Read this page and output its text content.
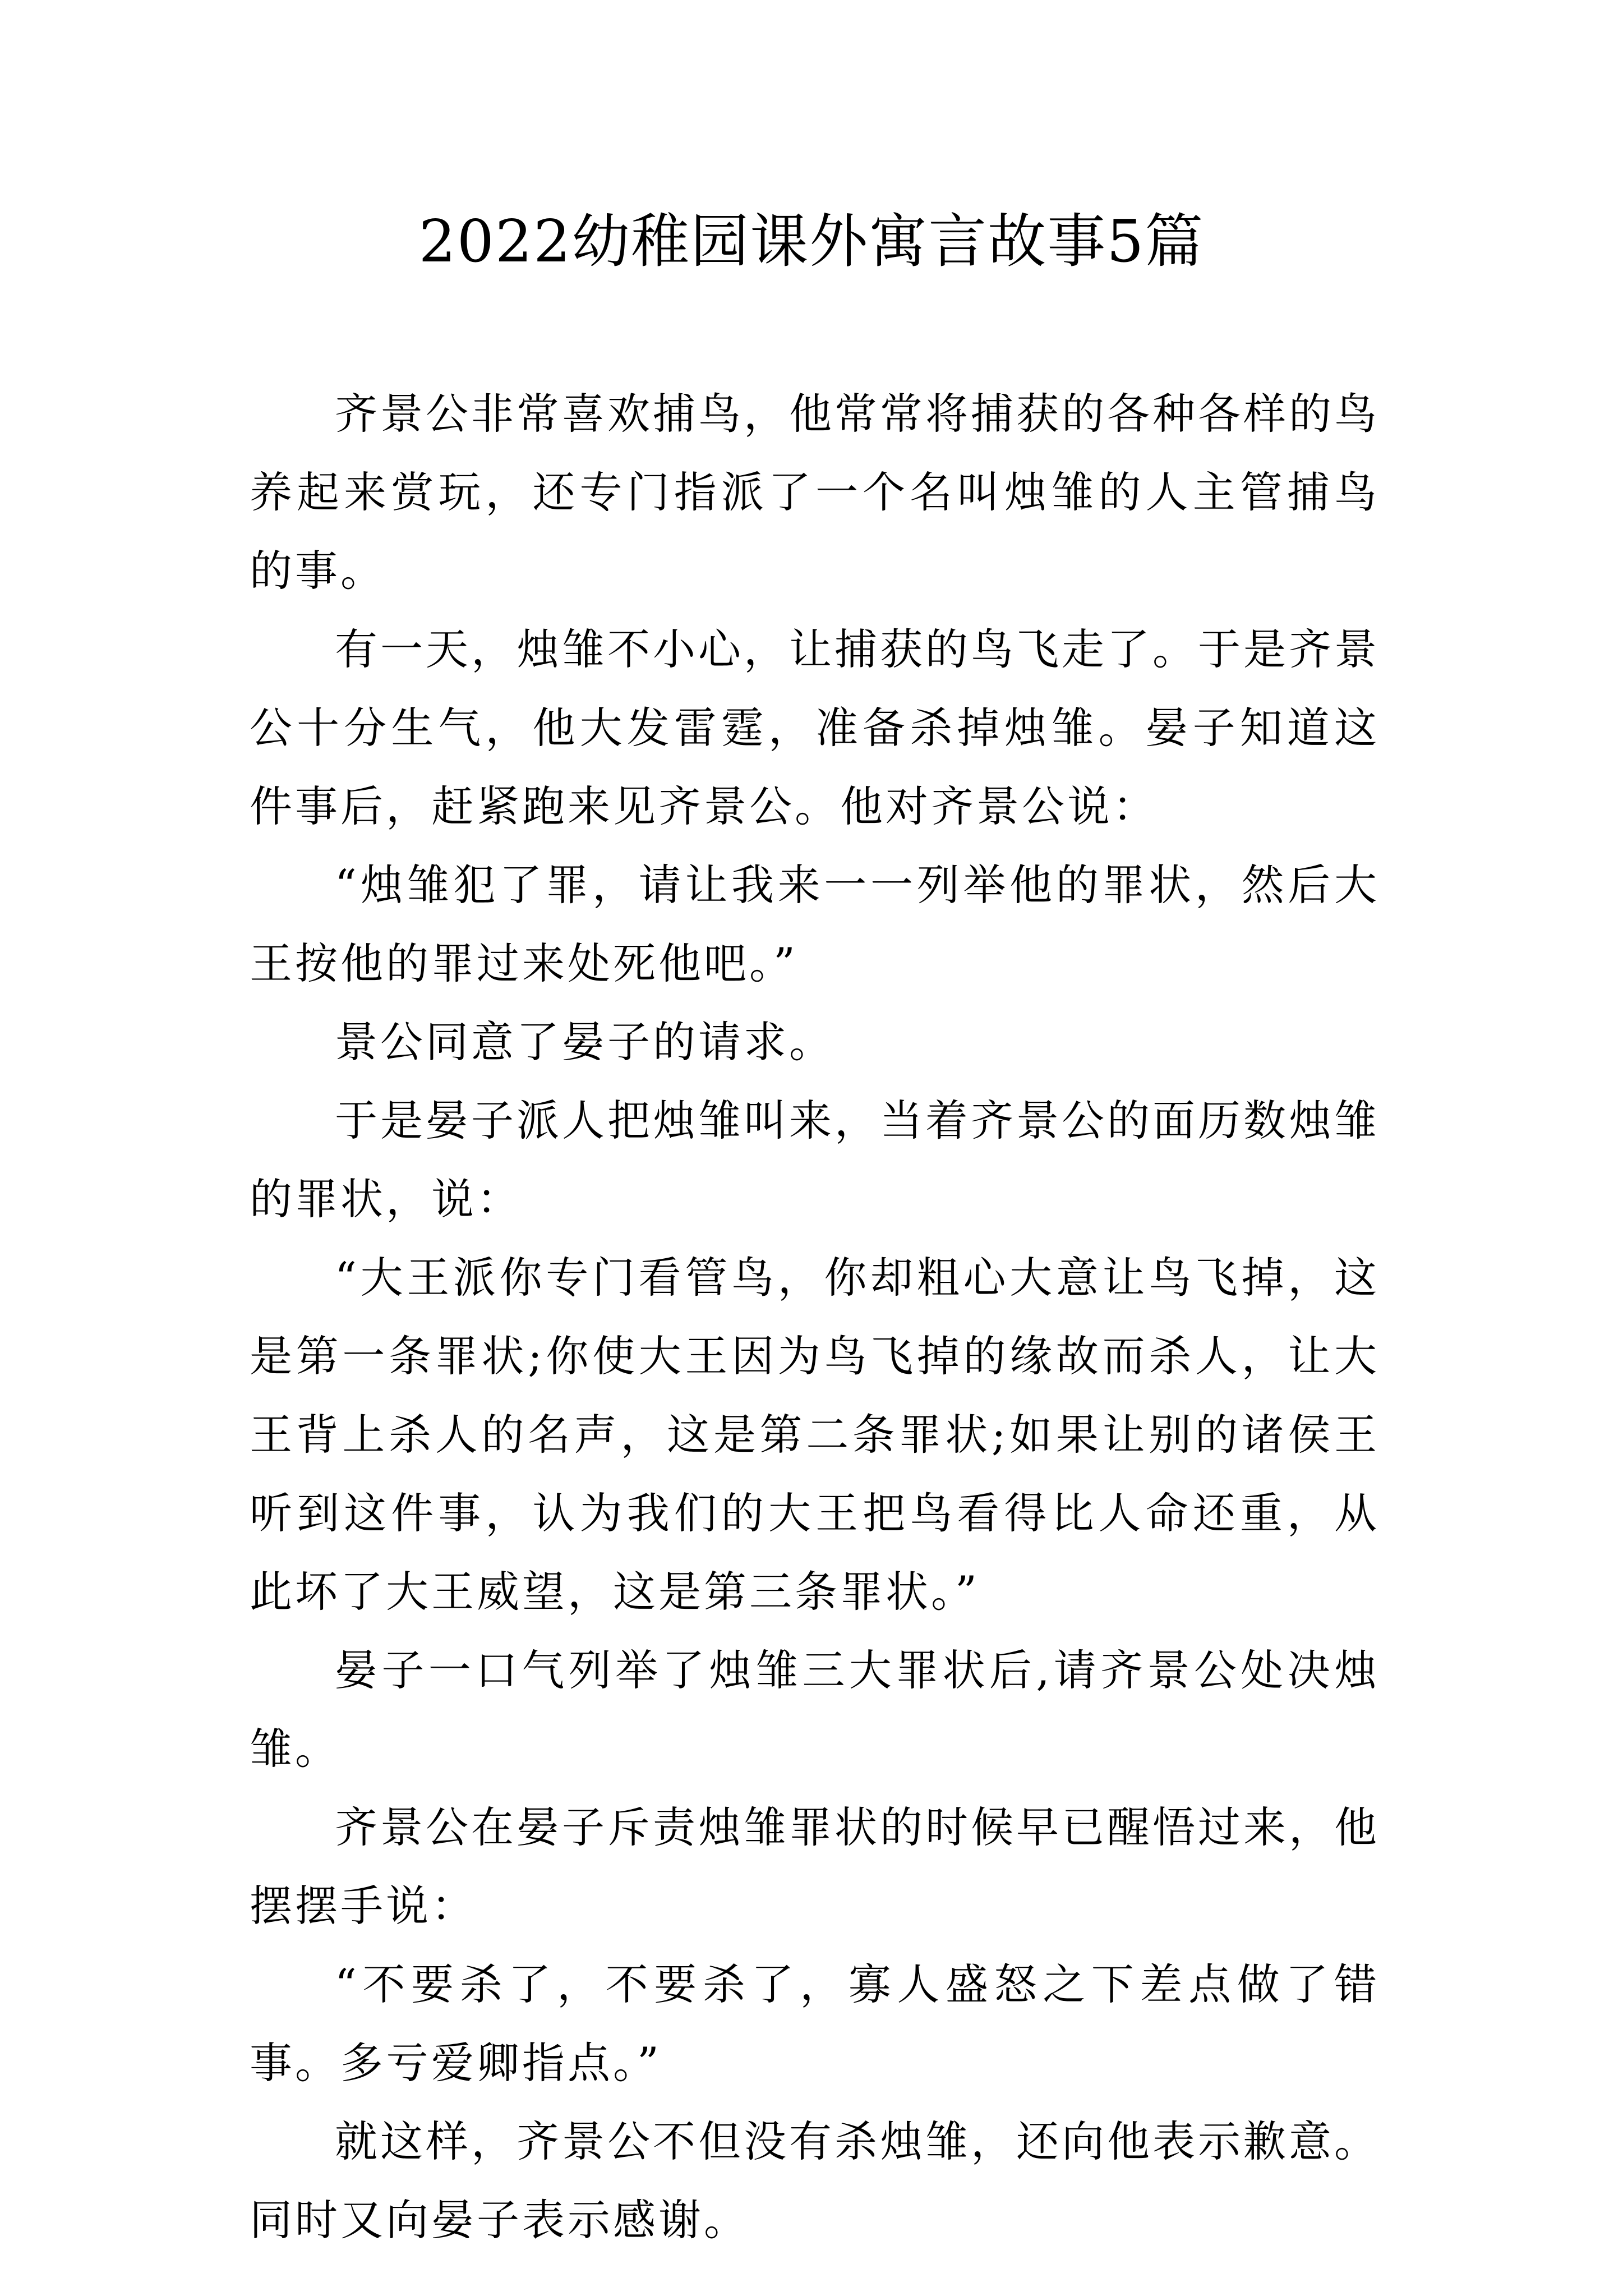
2022幼稚园课外寓言故事5篇

齐景公非常喜欢捕鸟，他常常将捕获的各种各样的鸟养起来赏玩，还专门指派了一个名叫烛雏的人主管捕鸟的事。

有一天，烛雏不小心，让捕获的鸟飞走了。于是齐景公十分生气，他大发雷霆，准备杀掉烛雏。晏子知道这件事后，赶紧跑来见齐景公。他对齐景公说：

“烛雏犯了罪，请让我来一一列举他的罪状，然后大王按他的罪过来处死他吧。”

景公同意了晏子的请求。

于是晏子派人把烛雏叫来，当着齐景公的面历数烛雏的罪状，说：

“大王派你专门看管鸟，你却粗心大意让鸟飞掉，这是第一条罪状;你使大王因为鸟飞掉的缘故而杀人，让大王背上杀人的名声，这是第二条罪状;如果让别的诸侯王听到这件事，认为我们的大王把鸟看得比人命还重，从此坏了大王威望，这是第三条罪状。”

晏子一口气列举了烛雏三大罪状后,请齐景公处决烛雏。

齐景公在晏子斥责烛雏罪状的时候早已醒悟过来，他摆摆手说：

“不要杀了，不要杀了，寡人盛怒之下差点做了错事。多亏爱卿指点。”

就这样，齐景公不但没有杀烛雏，还向他表示歉意。同时又向晏子表示感谢。
